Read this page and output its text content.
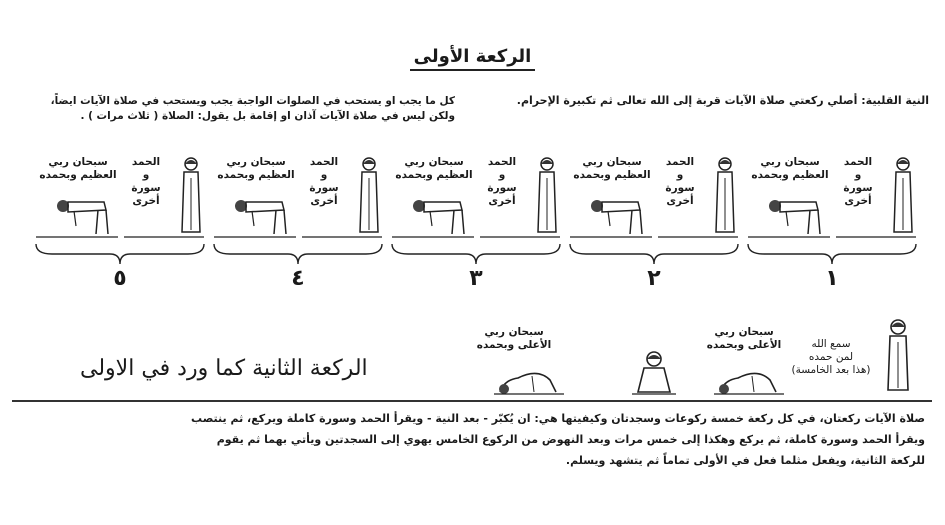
الركعة الأولى
النية القلبية: أصلي ركعتي صلاة الآيات قربة إلى الله تعالى ثم تكبيرة الإحرام.
كل ما يجب او يستحب في الصلوات الواجبة يجب ويستحب في صلاة الآيات ايضاً،
ولكن ليس في صلاة الآيات آذان او إقامة بل يقول: الصلاة ( ثلاث مرات ) .
الحمد
و
سورة أخرى
سبحان ربي
العظيم وبحمده
١
الحمد
و
سورة أخرى
سبحان ربي
العظيم وبحمده
٢
الحمد
و
سورة أخرى
سبحان ربي
العظيم وبحمده
٣
الحمد
و
سورة أخرى
سبحان ربي
العظيم وبحمده
٤
الحمد
و
سورة أخرى
سبحان ربي
العظيم وبحمده
٥
سمع الله
لمن حمده
(هذا بعد الخامسة)
سبحان ربي
الأعلى وبحمده
سبحان ربي
الأعلى وبحمده
الركعة الثانية كما ورد في الاولى
صلاة الآيات ركعتان، في كل ركعة خمسة ركوعات وسجدتان وكيفيتها هي: ان يُكبّر - بعد النية - ويقرأ الحمد وسورة كاملة ويركع، ثم ينتصب
ويقرأ الحمد وسورة كاملة، ثم يركع وهكذا إلى خمس مرات وبعد النهوض من الركوع الخامس يهوي إلى السجدتين ويأتي بهما ثم يقوم
للركعة الثانية، ويفعل مثلما فعل في الأولى تماماً ثم يتشهد ويسلم.
